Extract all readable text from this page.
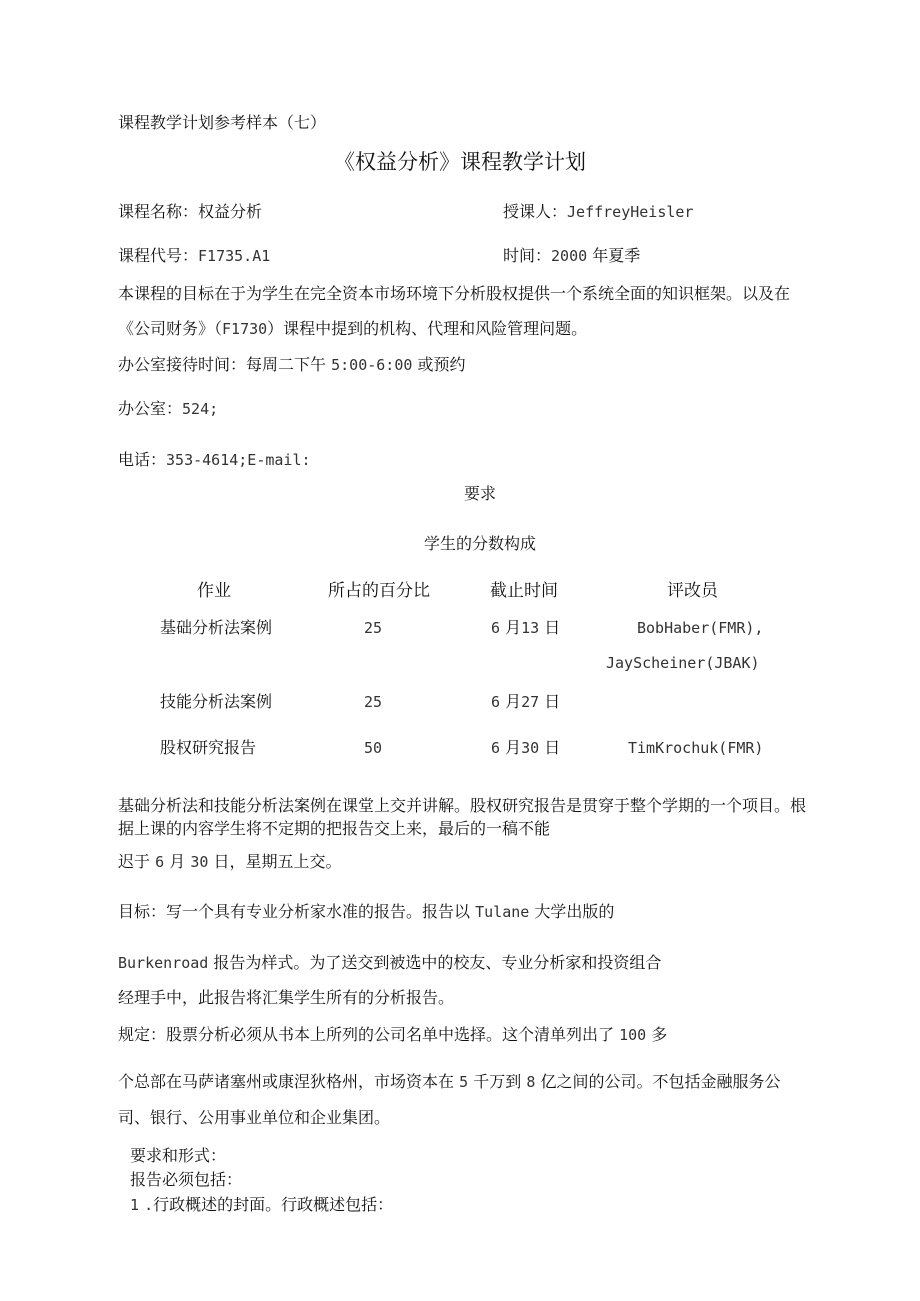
课程教学计划参考样本（七）
《权益分析》课程教学计划
课程名称：权益分析	授课人：JeffreyHeisler
课程代号：F1735.A1	时间：2000 年夏季
本课程的目标在于为学生在完全资本市场环境下分析股权提供一个系统全面的知识框架。以及在
《公司财务》（F1730）课程中提到的机构、代理和风险管理问题。
办公室接待时间：每周二下午 5:00-6:00 或预约
办公室：524;
电话：353-4614;E-mail:
要求
学生的分数构成
作业	所占的百分比	截止时间	评改员
基础分析法案例	25	6 月13 日	BobHaber(FMR),
JayScheiner(JBAK)
技能分析法案例	25	6 月27 日
股权研究报告	50	6 月30 日	TimKrochuk(FMR)
基础分析法和技能分析法案例在课堂上交并讲解。股权研究报告是贯穿于整个学期的一个项目。根
据上课的内容学生将不定期的把报告交上来，最后的一稿不能
迟于 6 月 30 日，星期五上交。
目标：写一个具有专业分析家水准的报告。报告以 Tulane 大学出版的
Burkenroad 报告为样式。为了送交到被选中的校友、专业分析家和投资组合
经理手中，此报告将汇集学生所有的分析报告。
规定：股票分析必须从书本上所列的公司名单中选择。这个清单列出了 100 多
个总部在马萨诸塞州或康涅狄格州，市场资本在 5 千万到 8 亿之间的公司。不包括金融服务公
司、银行、公用事业单位和企业集团。
要求和形式：
报告必须包括：
1 .行政概述的封面。行政概述包括：
